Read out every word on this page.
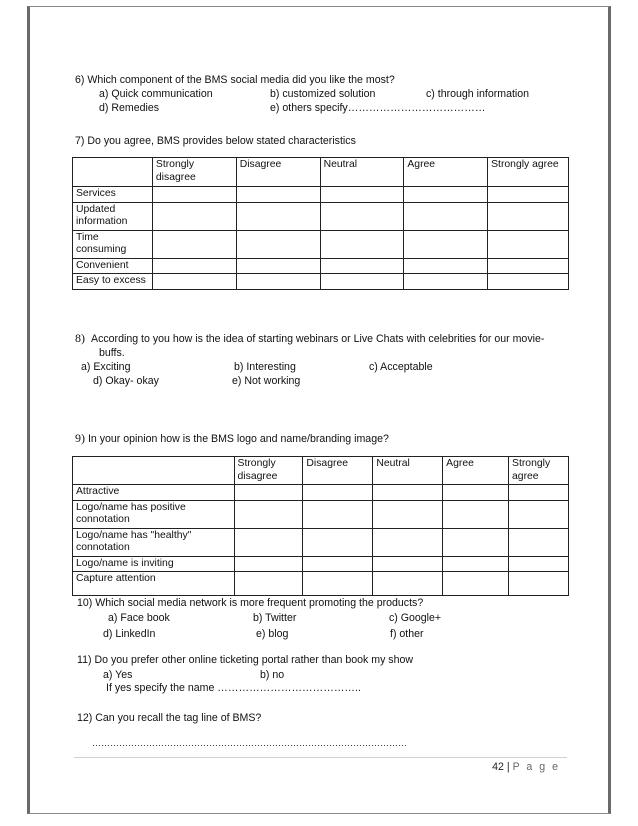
6) Which component of the BMS social media did you like the most?
a) Quick communication	b) customized solution	c) through information
d) Remedies	e) others specify…………………………………
7) Do you agree, BMS provides below stated characteristics
	Strongly disagree	Disagree	Neutral	Agree	Strongly agree
Services					
Updated information					
Time consuming					
Convenient					
Easy to excess					
8) According to you how is the idea of starting webinars or Live Chats with celebrities for our movie-
buffs.
a) Exciting	b) Interesting	c) Acceptable
d) Okay- okay	e) Not working
9) In your opinion how is the BMS logo and name/branding image?
	Strongly disagree	Disagree	Neutral	Agree	Strongly agree
Attractive					
Logo/name has positive connotation					
Logo/name has "healthy" connotation					
Logo/name is inviting					
Capture attention					
10) Which social media network is more frequent promoting the products?
a) Face book	b) Twitter	c) Google+
d) LinkedIn	e) blog	f) other
11) Do you prefer other online ticketing portal rather than book my show
a) Yes	b) no
If yes specify the name …………………………………..
12) Can you recall the tag line of BMS?
……………………………………………………………………………………………
42 | P a g e
